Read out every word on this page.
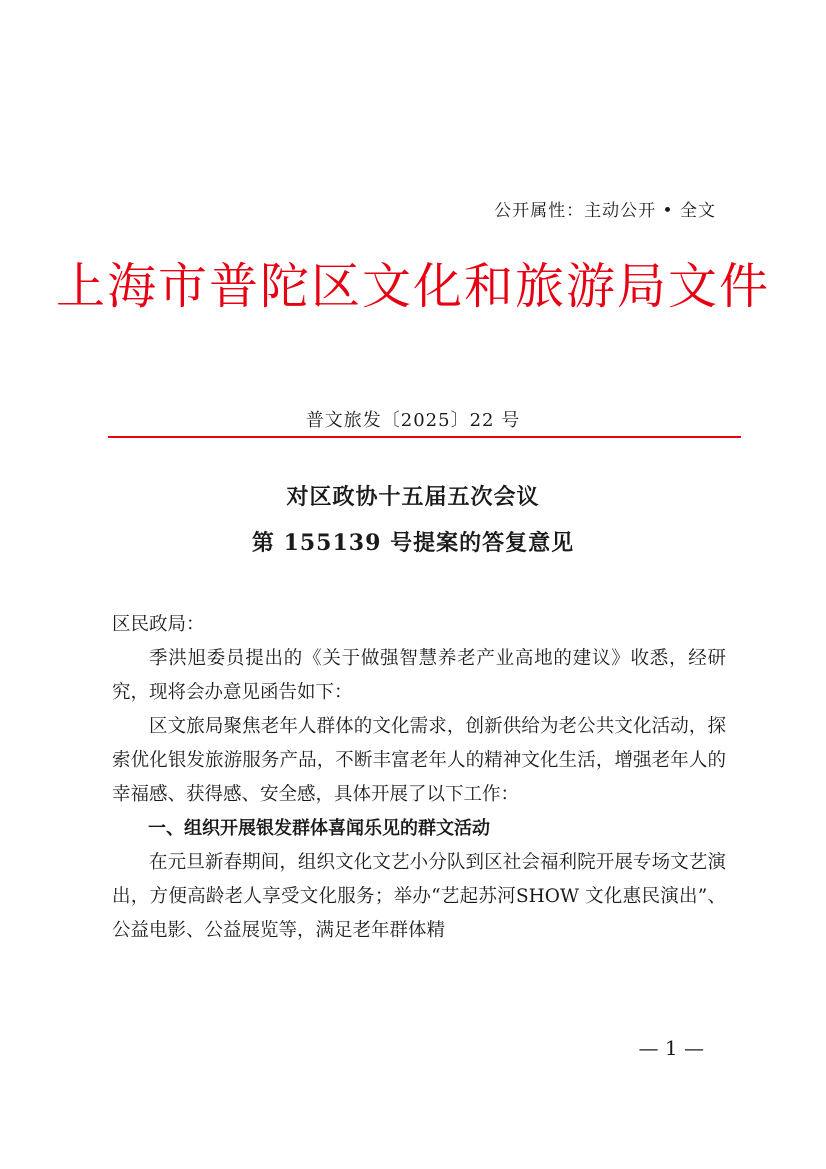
公开属性：主动公开 • 全文
上海市普陀区文化和旅游局文件
普文旅发〔2025〕22 号
对区政协十五届五次会议
第 155139 号提案的答复意见

区民政局：

季洪旭委员提出的《关于做强智慧养老产业高地的建议》收悉，经研究，现将会办意见函告如下：

区文旅局聚焦老年人群体的文化需求，创新供给为老公共文化活动，探索优化银发旅游服务产品，不断丰富老年人的精神文化生活，增强老年人的幸福感、获得感、安全感，具体开展了以下工作：

一、组织开展银发群体喜闻乐见的群文活动

在元旦新春期间，组织文化文艺小分队到区社会福利院开展专场文艺演出，方便高龄老人享受文化服务；举办“艺起苏河SHOW 文化惠民演出”、公益电影、公益展览等，满足老年群体精

— 1 —
